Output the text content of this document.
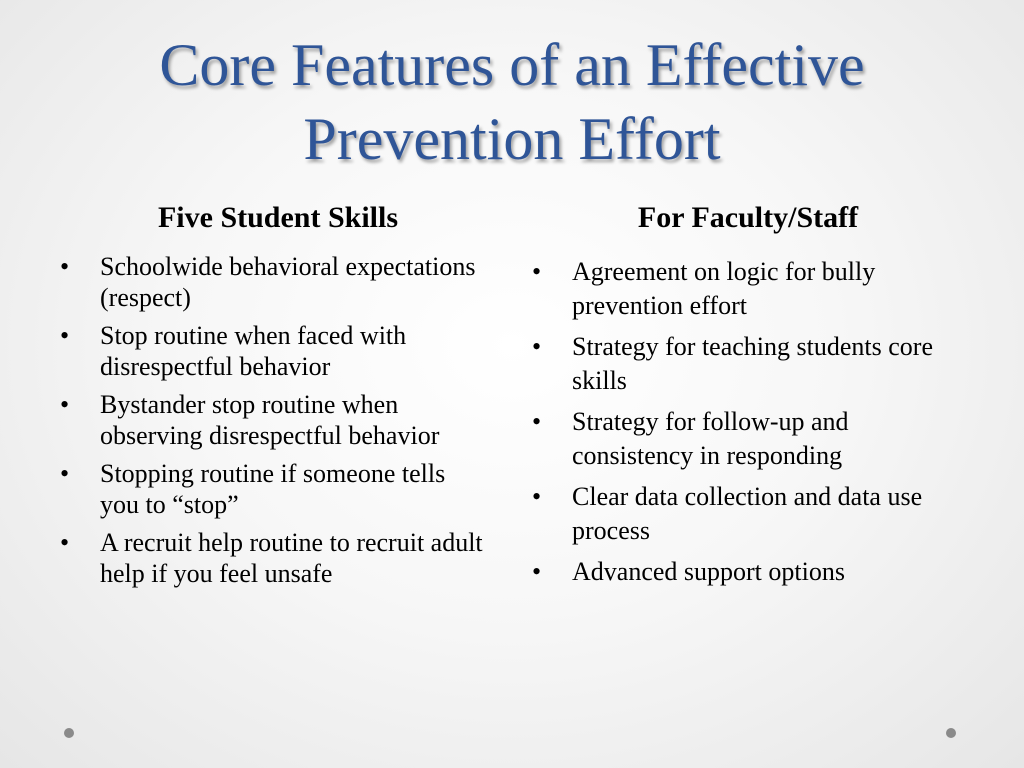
Core Features of an Effective Prevention Effort
Five Student Skills
• Schoolwide behavioral expectations (respect)
• Stop routine when faced with disrespectful behavior
• Bystander stop routine when observing disrespectful behavior
• Stopping routine if someone tells you to “stop”
• A recruit help routine to recruit adult help if you feel unsafe
For Faculty/Staff
• Agreement on logic for bully prevention effort
• Strategy for teaching students core skills
• Strategy for follow-up and consistency in responding
• Clear data collection and data use process
• Advanced support options
